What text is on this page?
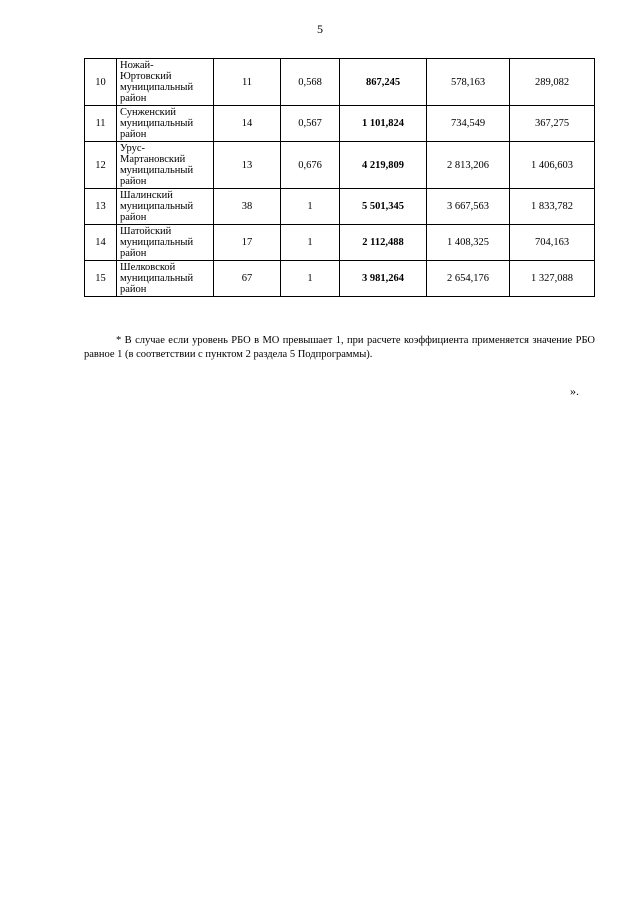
5
10	Ножай-
Юртовский
муниципальный
район	11	0,568	867,245	578,163	289,082
11	Сунженский
муниципальный
район	14	0,567	1 101,824	734,549	367,275
12	Урус-
Мартановский
муниципальный
район	13	0,676	4 219,809	2 813,206	1 406,603
13	Шалинский
муниципальный
район	38	1	5 501,345	3 667,563	1 833,782
14	Шатойский
муниципальный
район	17	1	2 112,488	1 408,325	704,163
15	Шелковской
муниципальный
район	67	1	3 981,264	2 654,176	1 327,088
* В случае если уровень РБО в МО превышает 1, при расчете коэффициента применяется значение РБО равное 1 (в соответствии с пунктом 2 раздела 5 Подпрограммы).
».
